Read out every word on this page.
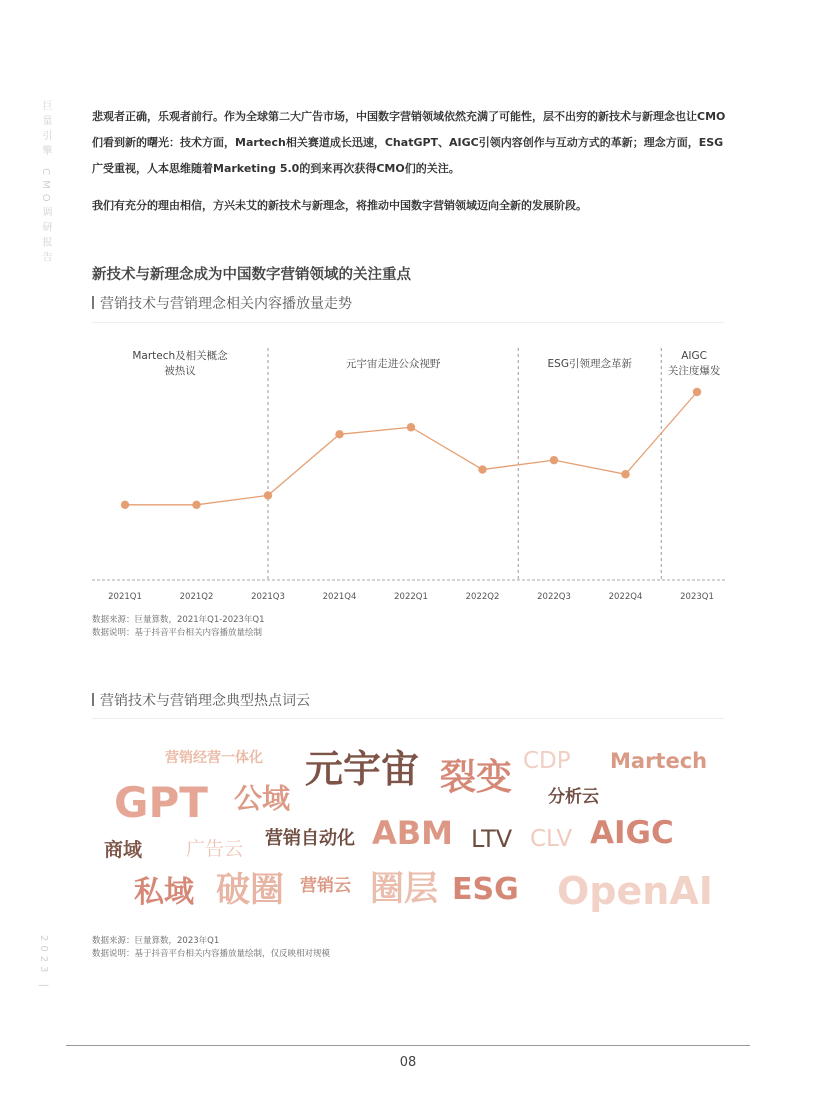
巨量引擎 CMO调研报告
2023 |
悲观者正确，乐观者前行。作为全球第二大广告市场，中国数字营销领域依然充满了可能性，层不出穷的新技术与新理念也让CMO们看到新的曙光：技术方面，Martech相关赛道成长迅速，ChatGPT、AIGC引领内容创作与互动方式的革新；理念方面，ESG广受重视，人本思维随着Marketing 5.0的到来再次获得CMO们的关注。
我们有充分的理由相信，方兴未艾的新技术与新理念，将推动中国数字营销领域迈向全新的发展阶段。
新技术与新理念成为中国数字营销领域的关注重点
营销技术与营销理念相关内容播放量走势
Martech及相关概念被热议
元宇宙走进公众视野	ESG引领理念革新
AIGC 关注度爆发
2021Q1	2021Q2	2021Q3	2021Q4	2022Q1	2022Q2	2022Q3	2022Q4	2023Q1
数据来源：巨量算数，2021年Q1-2023年Q1
数据说明：基于抖音平台相关内容播放量绘制
营销技术与营销理念典型热点词云
营销经营一体化 元宇宙 裂变 CDP Martech
GPT 公域	分析云
商域 广告云 营销自动化 ABM LTV CLV AIGC
私域 破圈 营销云 圈层 ESG OpenAI
数据来源：巨量算数，2023年Q1
数据说明：基于抖音平台相关内容播放量绘制，仅反映相对规模
08
